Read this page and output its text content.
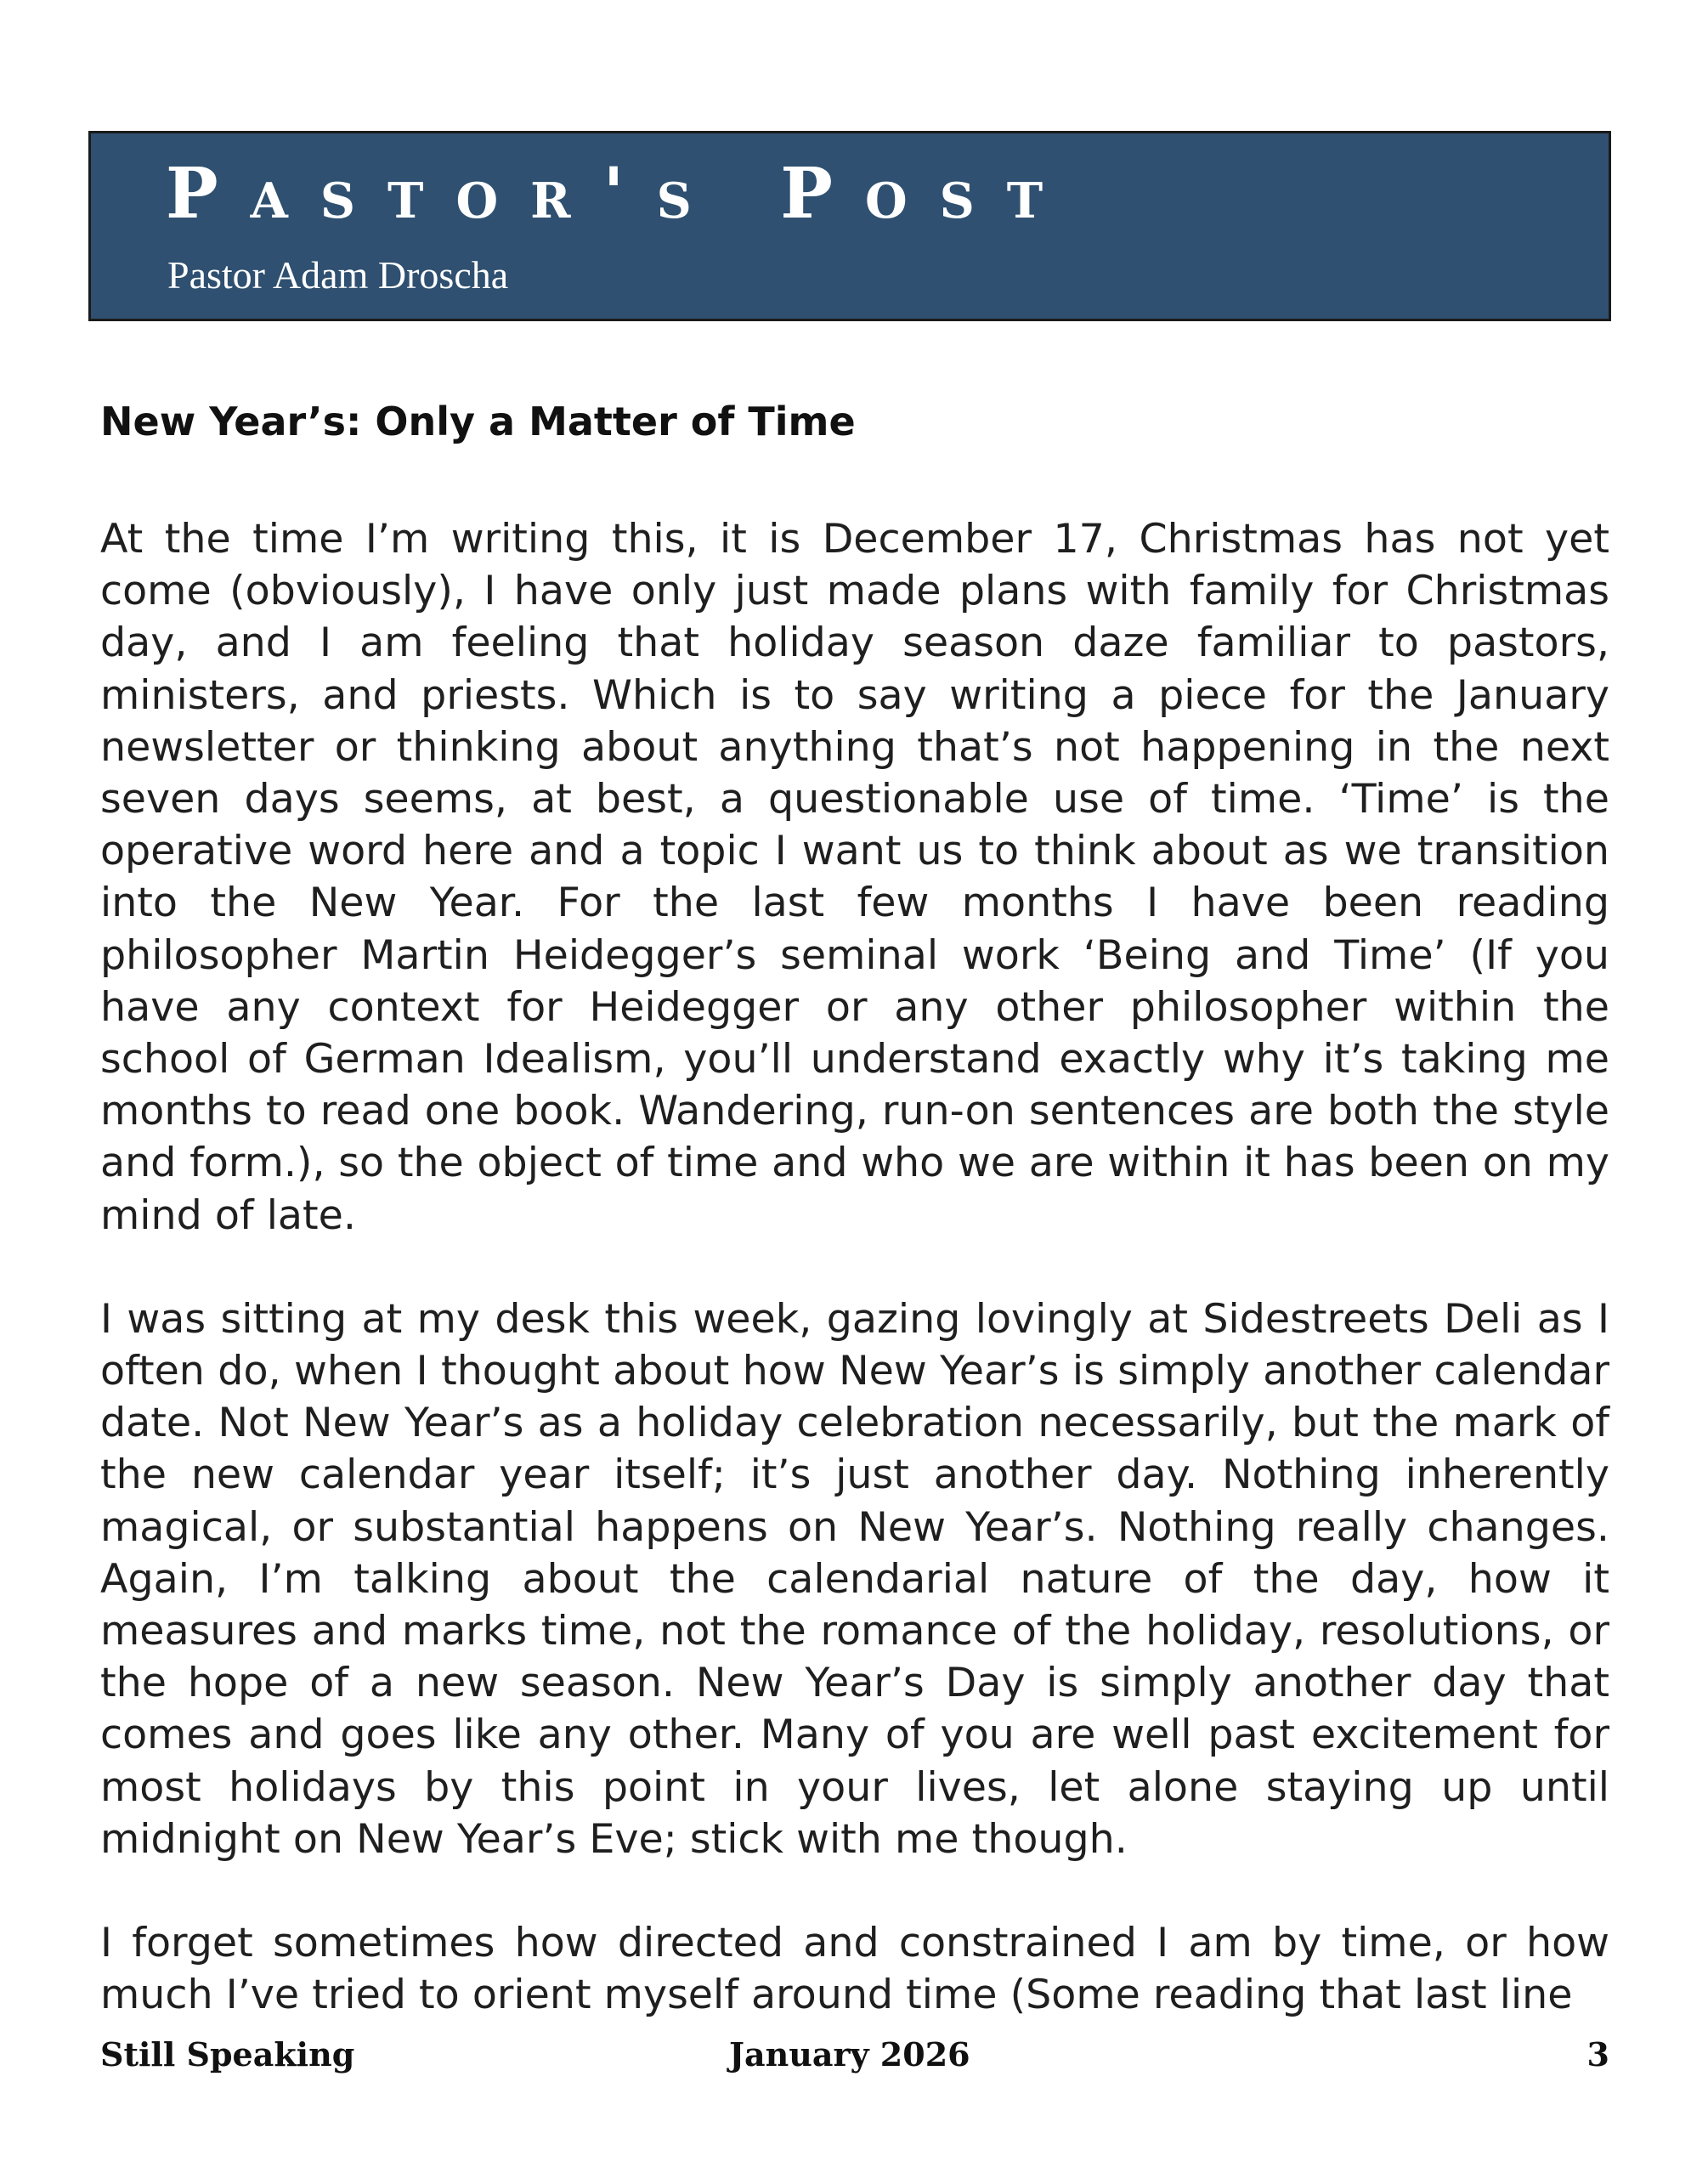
Pastor's Post
Pastor Adam Droscha
New Year’s: Only a Matter of Time

At the time I’m writing this, it is December 17, Christmas has not yet come (obviously), I have only just made plans with family for Christmas day, and I am feeling that holiday season daze familiar to pastors, ministers, and priests. Which is to say writing a piece for the January newsletter or thinking about anything that’s not happening in the next seven days seems, at best, a questionable use of time. ‘Time’ is the operative word here and a topic I want us to think about as we transition into the New Year. For the last few months I have been reading philosopher Martin Heidegger’s seminal work ‘Being and Time’ (If you have any context for Heidegger or any other philosopher within the school of German Idealism, you’ll understand exactly why it’s taking me months to read one book. Wandering, run-on sentences are both the style and form.), so the object of time and who we are within it has been on my mind of late.

I was sitting at my desk this week, gazing lovingly at Sidestreets Deli as I often do, when I thought about how New Year’s is simply another calendar date. Not New Year’s as a holiday celebration necessarily, but the mark of the new calendar year itself; it’s just another day. Nothing inherently magical, or substantial happens on New Year’s. Nothing really changes. Again, I’m talking about the calendarial nature of the day, how it measures and marks time, not the romance of the holiday, resolutions, or the hope of a new season. New Year’s Day is simply another day that comes and goes like any other. Many of you are well past excitement for most holidays by this point in your lives, let alone staying up until midnight on New Year’s Eve; stick with me though.

I forget sometimes how directed and constrained I am by time, or how much I’ve tried to orient myself around time (Some reading that last line

Still Speaking	January 2026	3
